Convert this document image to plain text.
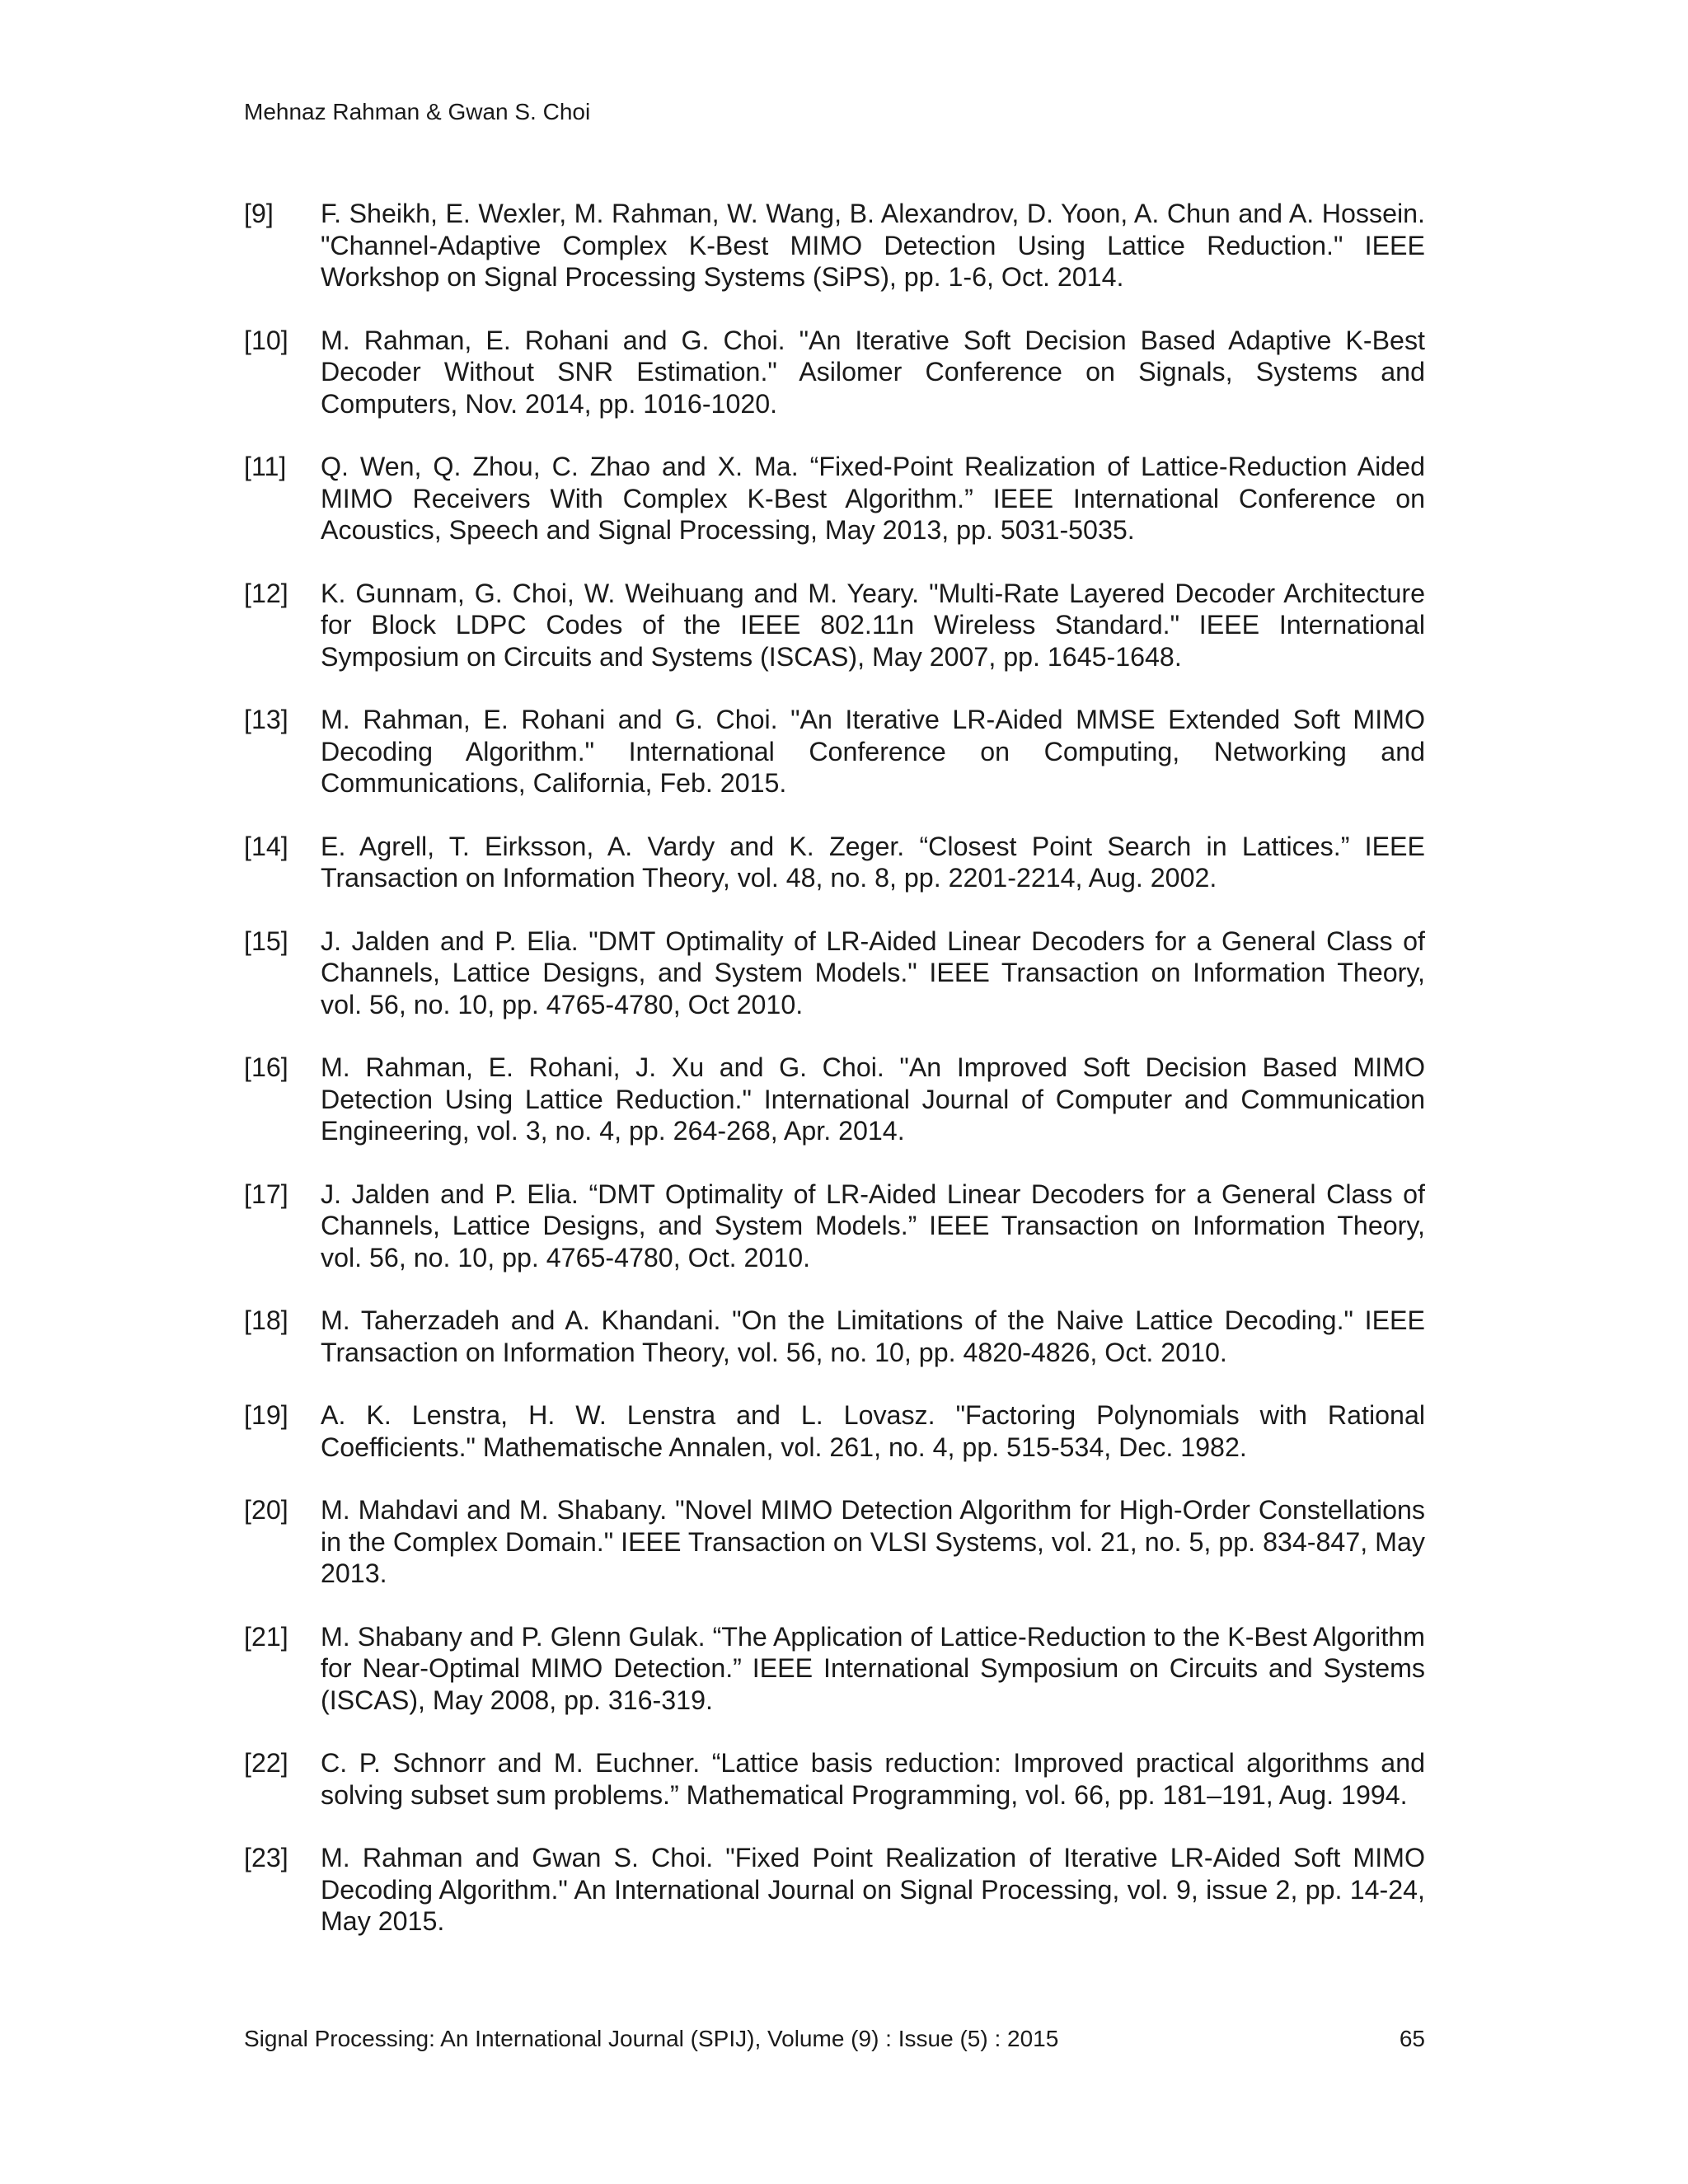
Mehnaz Rahman & Gwan S. Choi
[9] F. Sheikh, E. Wexler, M. Rahman, W. Wang, B. Alexandrov, D. Yoon, A. Chun and A. Hossein. "Channel-Adaptive Complex K-Best MIMO Detection Using Lattice Reduction." IEEE Workshop on Signal Processing Systems (SiPS), pp. 1-6, Oct. 2014.
[10] M. Rahman, E. Rohani and G. Choi. "An Iterative Soft Decision Based Adaptive K-Best Decoder Without SNR Estimation." Asilomer Conference on Signals, Systems and Computers, Nov. 2014, pp. 1016-1020.
[11] Q. Wen, Q. Zhou, C. Zhao and X. Ma. “Fixed-Point Realization of Lattice-Reduction Aided MIMO Receivers With Complex K-Best Algorithm.” IEEE International Conference on Acoustics, Speech and Signal Processing, May 2013, pp. 5031-5035.
[12] K. Gunnam, G. Choi, W. Weihuang and M. Yeary. "Multi-Rate Layered Decoder Architecture for Block LDPC Codes of the IEEE 802.11n Wireless Standard." IEEE International Symposium on Circuits and Systems (ISCAS), May 2007, pp. 1645-1648.
[13] M. Rahman, E. Rohani and G. Choi. "An Iterative LR-Aided MMSE Extended Soft MIMO Decoding Algorithm." International Conference on Computing, Networking and Communications, California, Feb. 2015.
[14] E. Agrell, T. Eirksson, A. Vardy and K. Zeger. “Closest Point Search in Lattices.” IEEE Transaction on Information Theory, vol. 48, no. 8, pp. 2201-2214, Aug. 2002.
[15] J. Jalden and P. Elia. "DMT Optimality of LR-Aided Linear Decoders for a General Class of Channels, Lattice Designs, and System Models." IEEE Transaction on Information Theory, vol. 56, no. 10, pp. 4765-4780, Oct 2010.
[16] M. Rahman, E. Rohani, J. Xu and G. Choi. "An Improved Soft Decision Based MIMO Detection Using Lattice Reduction." International Journal of Computer and Communication Engineering, vol. 3, no. 4, pp. 264-268, Apr. 2014.
[17] J. Jalden and P. Elia. “DMT Optimality of LR-Aided Linear Decoders for a General Class of Channels, Lattice Designs, and System Models.” IEEE Transaction on Information Theory, vol. 56, no. 10, pp. 4765-4780, Oct. 2010.
[18] M. Taherzadeh and A. Khandani. "On the Limitations of the Naive Lattice Decoding." IEEE Transaction on Information Theory, vol. 56, no. 10, pp. 4820-4826, Oct. 2010.
[19] A. K. Lenstra, H. W. Lenstra and L. Lovasz. "Factoring Polynomials with Rational Coefficients." Mathematische Annalen, vol. 261, no. 4, pp. 515-534, Dec. 1982.
[20] M. Mahdavi and M. Shabany. "Novel MIMO Detection Algorithm for High-Order Constellations in the Complex Domain." IEEE Transaction on VLSI Systems, vol. 21, no. 5, pp. 834-847, May 2013.
[21] M. Shabany and P. Glenn Gulak. “The Application of Lattice-Reduction to the K-Best Algorithm for Near-Optimal MIMO Detection.” IEEE International Symposium on Circuits and Systems (ISCAS), May 2008, pp. 316-319.
[22] C. P. Schnorr and M. Euchner. “Lattice basis reduction: Improved practical algorithms and solving subset sum problems.” Mathematical Programming, vol. 66, pp. 181–191, Aug. 1994.
[23] M. Rahman and Gwan S. Choi. "Fixed Point Realization of Iterative LR-Aided Soft MIMO Decoding Algorithm." An International Journal on Signal Processing, vol. 9, issue 2, pp. 14-24, May 2015.
Signal Processing: An International Journal (SPIJ), Volume (9) : Issue (5) : 2015	65
